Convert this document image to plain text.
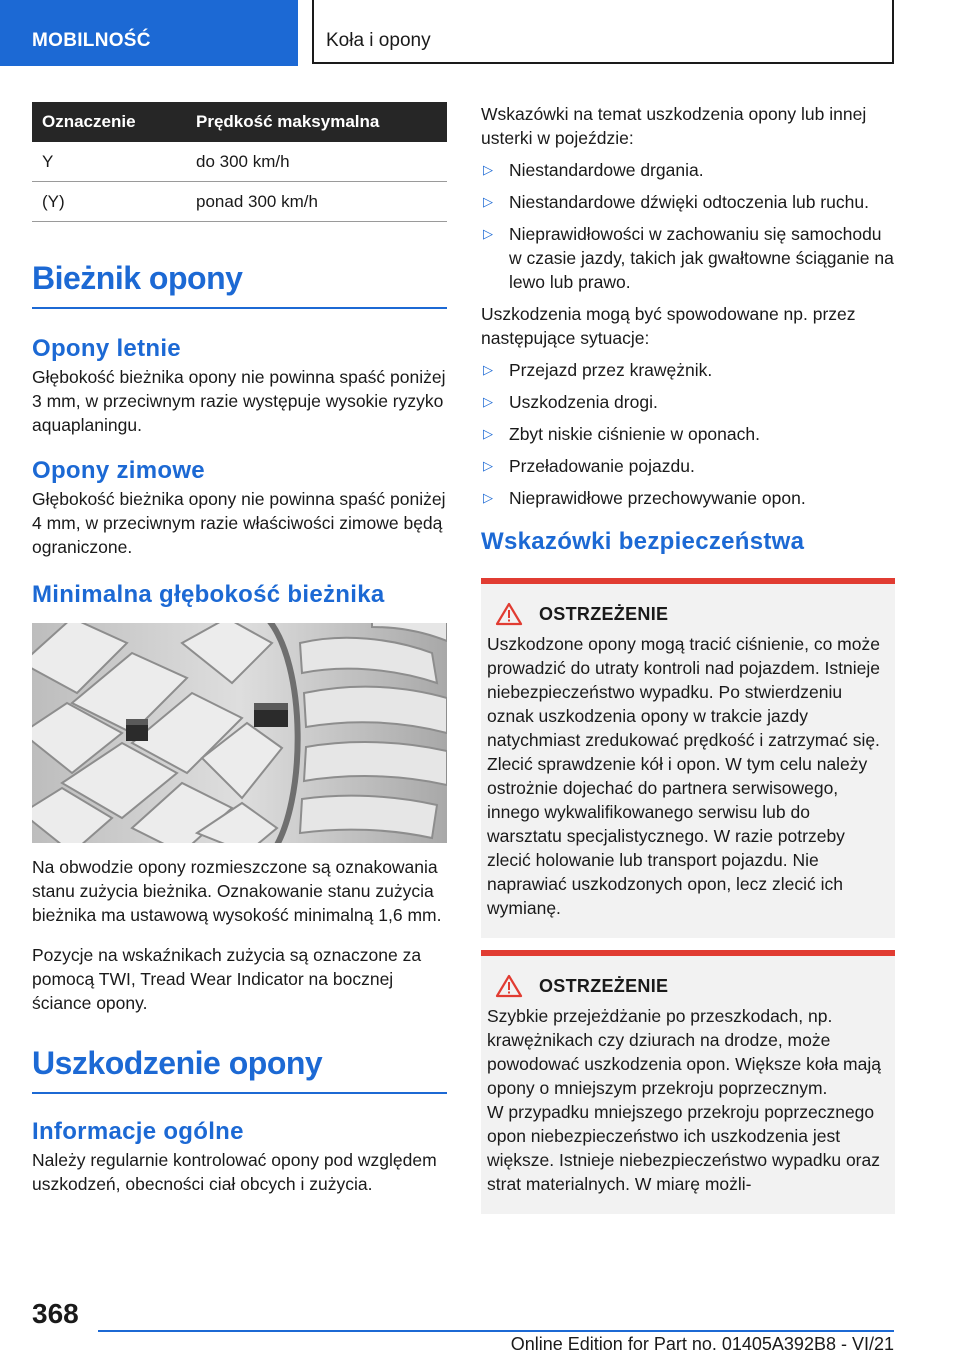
MOBILNOŚĆ	Koła i opony
Oznaczenie	Prędkość maksymalna
Y	do 300 km/h
(Y)	ponad 300 km/h
Bieżnik opony
Opony letnie

Głębokość bieżnika opony nie powinna spaść poniżej 3 mm, w przeciwnym razie występuje wysokie ryzyko aquaplaningu.

Opony zimowe

Głębokość bieżnika opony nie powinna spaść poniżej 4 mm, w przeciwnym razie właściwości zimowe będą ograniczone.

Minimalna głębokość bieżnika

Na obwodzie opony rozmieszczone są oznakowania stanu zużycia bieżnika. Oznakowanie stanu zużycia bieżnika ma ustawową wysokość minimalną 1,6 mm.

Pozycje na wskaźnikach zużycia są oznaczone za pomocą TWI, Tread Wear Indicator na bocznej ściance opony.

Uszkodzenie opony
Informacje ogólne

Należy regularnie kontrolować opony pod względem uszkodzeń, obecności ciał obcych i zużycia.

Wskazówki na temat uszkodzenia opony lub innej usterki w pojeździe:

▷ Niestandardowe drgania.
▷ Niestandardowe dźwięki odtoczenia lub ruchu.
▷ Nieprawidłowości w zachowaniu się samochodu w czasie jazdy, takich jak gwałtowne ściąganie na lewo lub prawo.

Uszkodzenia mogą być spowodowane np. przez następujące sytuacje:

▷ Przejazd przez krawężnik.
▷ Uszkodzenia drogi.
▷ Zbyt niskie ciśnienie w oponach.
▷ Przeładowanie pojazdu.
▷ Nieprawidłowe przechowywanie opon.
Wskazówki bezpieczeństwa
OSTRZEŻENIE

Uszkodzone opony mogą tracić ciśnienie, co może prowadzić do utraty kontroli nad pojazdem. Istnieje niebezpieczeństwo wypadku. Po stwierdzeniu oznak uszkodzenia opony w trakcie jazdy natychmiast zredukować prędkość i zatrzymać się. Zlecić sprawdzenie kół i opon. W tym celu należy ostrożnie dojechać do partnera serwisowego, innego wykwalifikowanego serwisu lub do warsztatu specjalistycznego. W razie potrzeby zlecić holowanie lub transport pojazdu. Nie naprawiać uszkodzonych opon, lecz zlecić ich wymianę.

OSTRZEŻENIE

Szybkie przejeżdżanie po przeszkodach, np. krawężnikach czy dziurach na drodze, może powodować uszkodzenia opon. Większe koła mają opony o mniejszym przekroju poprzecznym.

W przypadku mniejszego przekroju poprzecznego opon niebezpieczeństwo ich uszkodzenia jest większe. Istnieje niebezpieczeństwo wypadku oraz strat materialnych. W miarę możli-

368
Online Edition for Part no. 01405A392B8 - VI/21
